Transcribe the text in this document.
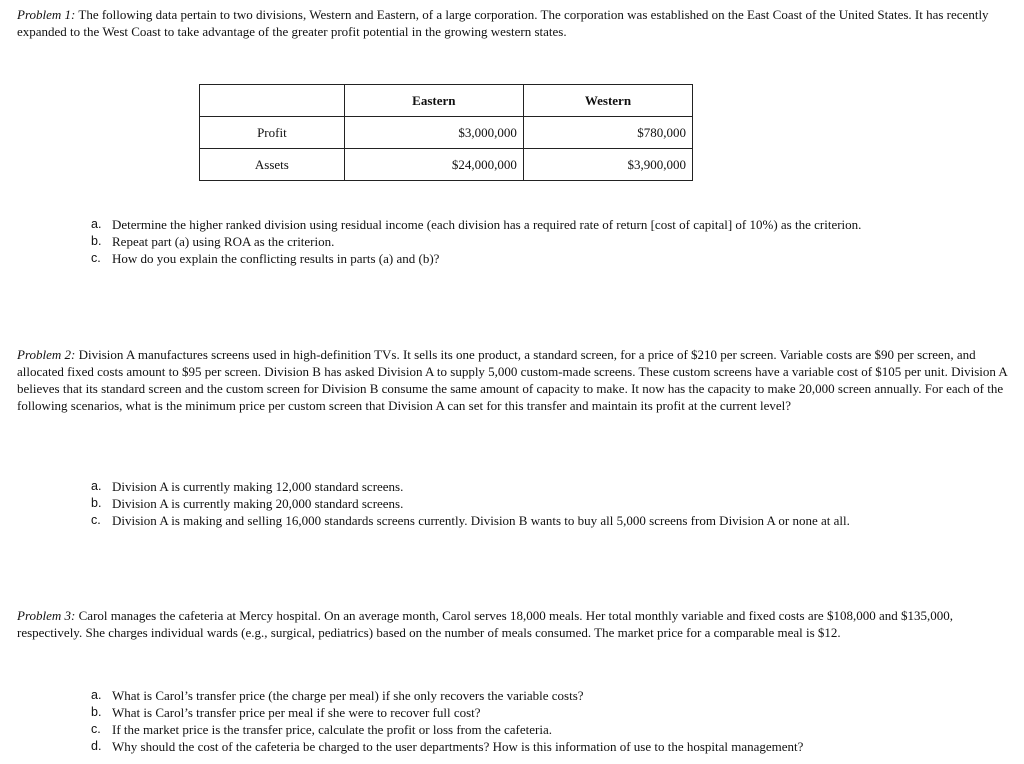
Problem 1: The following data pertain to two divisions, Western and Eastern, of a large corporation. The corporation was established on the East Coast of the United States. It has recently expanded to the West Coast to take advantage of the greater profit potential in the growing western states.

	Eastern	Western
Profit	$3,000,000	$780,000
Assets	$24,000,000	$3,900,000
a. Determine the higher ranked division using residual income (each division has a required rate of return [cost of capital] of 10%) as the criterion.
b. Repeat part (a) using ROA as the criterion.
c. How do you explain the conflicting results in parts (a) and (b)?

Problem 2: Division A manufactures screens used in high-definition TVs. It sells its one product, a standard screen, for a price of $210 per screen. Variable costs are $90 per screen, and allocated fixed costs amount to $95 per screen. Division B has asked Division A to supply 5,000 custom-made screens. These custom screens have a variable cost of $105 per unit. Division A believes that its standard screen and the custom screen for Division B consume the same amount of capacity to make. It now has the capacity to make 20,000 screen annually. For each of the following scenarios, what is the minimum price per custom screen that Division A can set for this transfer and maintain its profit at the current level?

a. Division A is currently making 12,000 standard screens.
b. Division A is currently making 20,000 standard screens.
c. Division A is making and selling 16,000 standards screens currently. Division B wants to buy all 5,000 screens from Division A or none at all.

Problem 3: Carol manages the cafeteria at Mercy hospital. On an average month, Carol serves 18,000 meals. Her total monthly variable and fixed costs are $108,000 and $135,000, respectively. She charges individual wards (e.g., surgical, pediatrics) based on the number of meals consumed. The market price for a comparable meal is $12.

a. What is Carol’s transfer price (the charge per meal) if she only recovers the variable costs?
b. What is Carol’s transfer price per meal if she were to recover full cost?
c. If the market price is the transfer price, calculate the profit or loss from the cafeteria.
d. Why should the cost of the cafeteria be charged to the user departments? How is this information of use to the hospital management?
